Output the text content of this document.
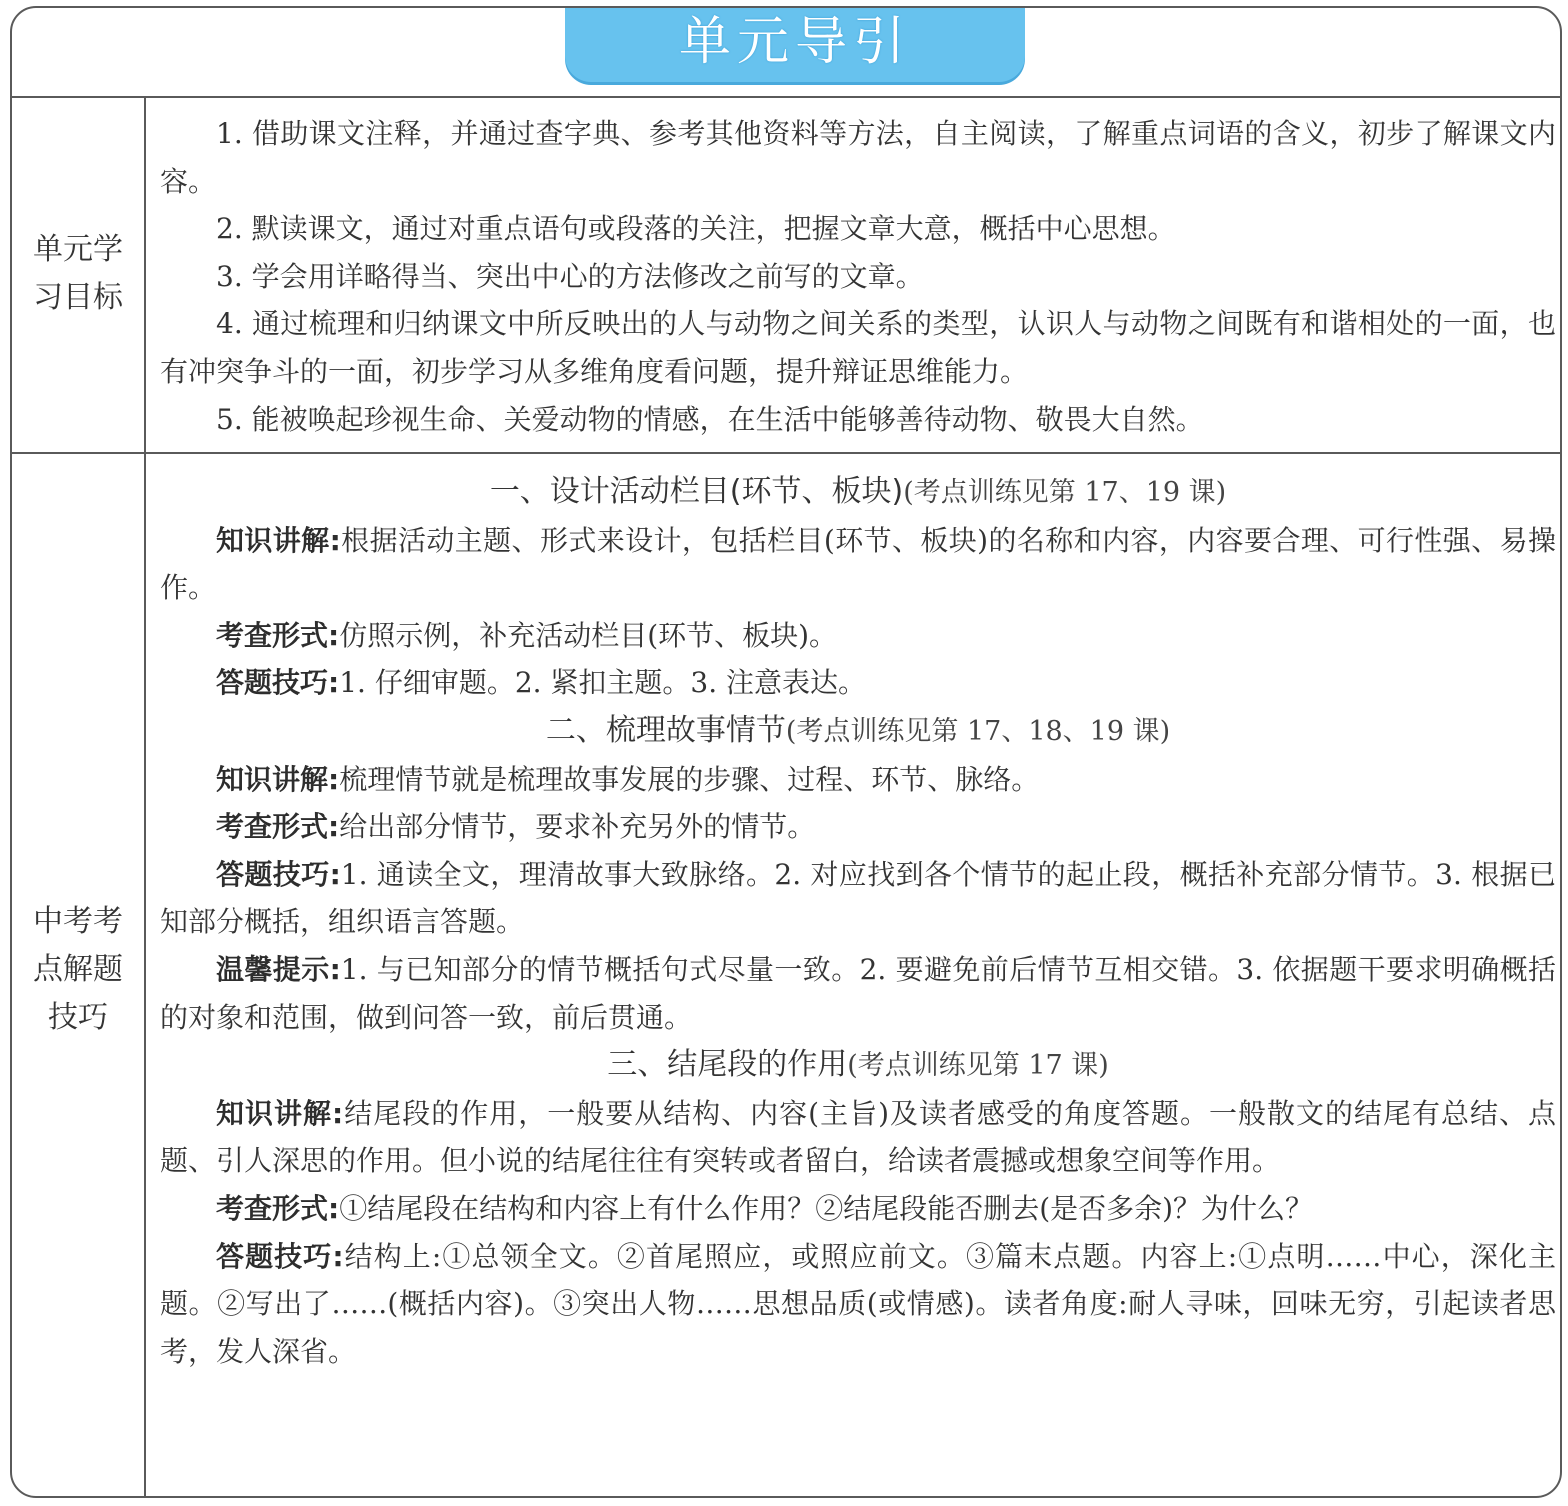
单元导引
单元学
习目标

1. 借助课文注释，并通过查字典、参考其他资料等方法，自主阅读，了解重点词语的含义，初步了解课文内容。

2. 默读课文，通过对重点语句或段落的关注，把握文章大意，概括中心思想。

3. 学会用详略得当、突出中心的方法修改之前写的文章。

4. 通过梳理和归纳课文中所反映出的人与动物之间关系的类型，认识人与动物之间既有和谐相处的一面，也有冲突争斗的一面，初步学习从多维角度看问题，提升辩证思维能力。

5. 能被唤起珍视生命、关爱动物的情感，在生活中能够善待动物、敬畏大自然。

中考考
点解题
技巧

一、设计活动栏目(环节、板块)(考点训练见第 17、19 课)

知识讲解:根据活动主题、形式来设计，包括栏目(环节、板块)的名称和内容，内容要合理、可行性强、易操作。

考查形式:仿照示例，补充活动栏目(环节、板块)。

答题技巧:1. 仔细审题。2. 紧扣主题。3. 注意表达。

二、梳理故事情节(考点训练见第 17、18、19 课)

知识讲解:梳理情节就是梳理故事发展的步骤、过程、环节、脉络。

考查形式:给出部分情节，要求补充另外的情节。

答题技巧:1. 通读全文，理清故事大致脉络。2. 对应找到各个情节的起止段，概括补充部分情节。3. 根据已知部分概括，组织语言答题。

温馨提示:1. 与已知部分的情节概括句式尽量一致。2. 要避免前后情节互相交错。3. 依据题干要求明确概括的对象和范围，做到问答一致，前后贯通。

三、结尾段的作用(考点训练见第 17 课)

知识讲解:结尾段的作用，一般要从结构、内容(主旨)及读者感受的角度答题。一般散文的结尾有总结、点题、引人深思的作用。但小说的结尾往往有突转或者留白，给读者震撼或想象空间等作用。

考查形式:①结尾段在结构和内容上有什么作用？②结尾段能否删去(是否多余)？为什么？

答题技巧:结构上:①总领全文。②首尾照应，或照应前文。③篇末点题。内容上:①点明……中心，深化主题。②写出了……(概括内容)。③突出人物……思想品质(或情感)。读者角度:耐人寻味，回味无穷，引起读者思考，发人深省。
